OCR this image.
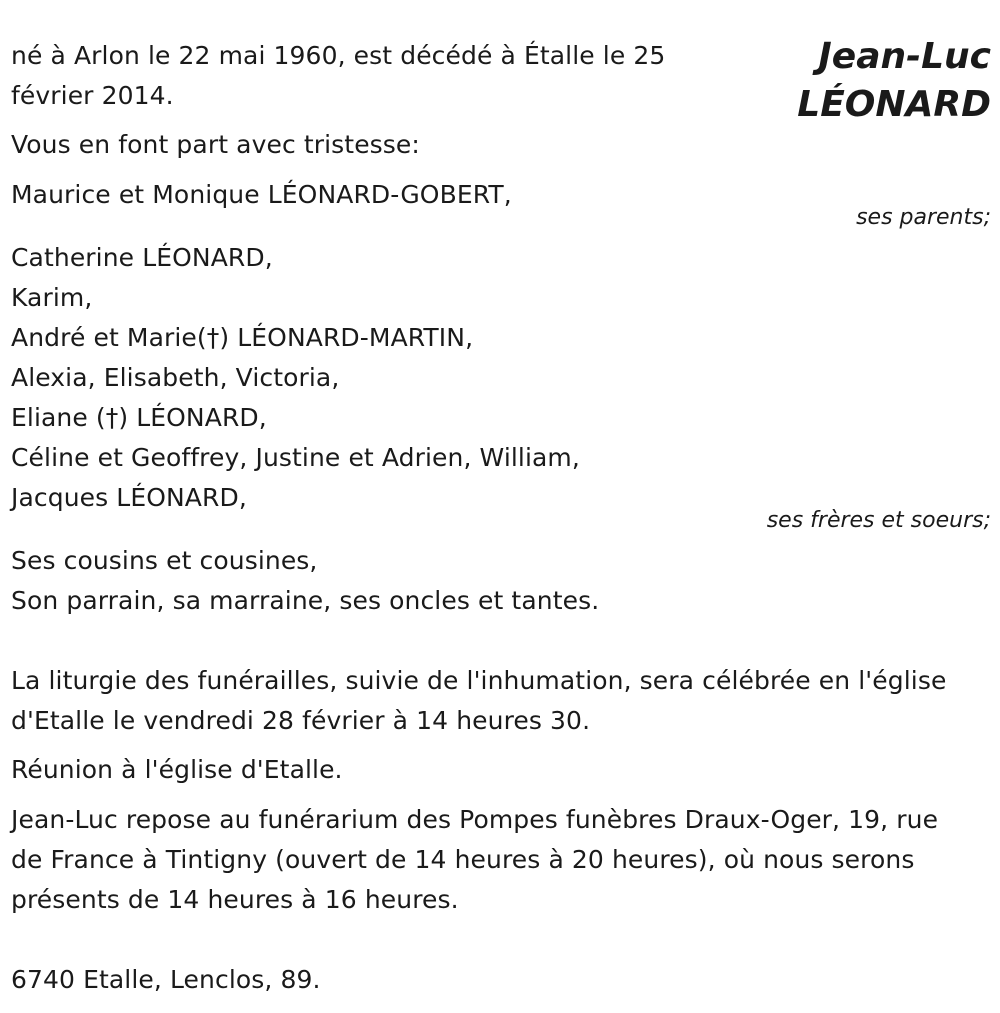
Jean-Luc

LÉONARD

né à Arlon le 22 mai 1960, est décédé à Étalle le 25

février 2014.

Vous en font part avec tristesse:

Maurice et Monique LÉONARD-GOBERT,

ses parents;

Catherine LÉONARD,

Karim,

André et Marie(†) LÉONARD-MARTIN,

Alexia, Elisabeth, Victoria,

Eliane (†) LÉONARD,

Céline et Geoffrey, Justine et Adrien, William,

Jacques LÉONARD,

ses frères et soeurs;

Ses cousins et cousines,

Son parrain, sa marraine, ses oncles et tantes.

La liturgie des funérailles, suivie de l'inhumation, sera célébrée en l'église

d'Etalle le vendredi 28 février à 14 heures 30.

Réunion à l'église d'Etalle.

Jean-Luc repose au funérarium des Pompes funèbres Draux-Oger, 19, rue

de France à Tintigny (ouvert de 14 heures à 20 heures), où nous serons

présents de 14 heures à 16 heures.

6740 Etalle, Lenclos, 89.
